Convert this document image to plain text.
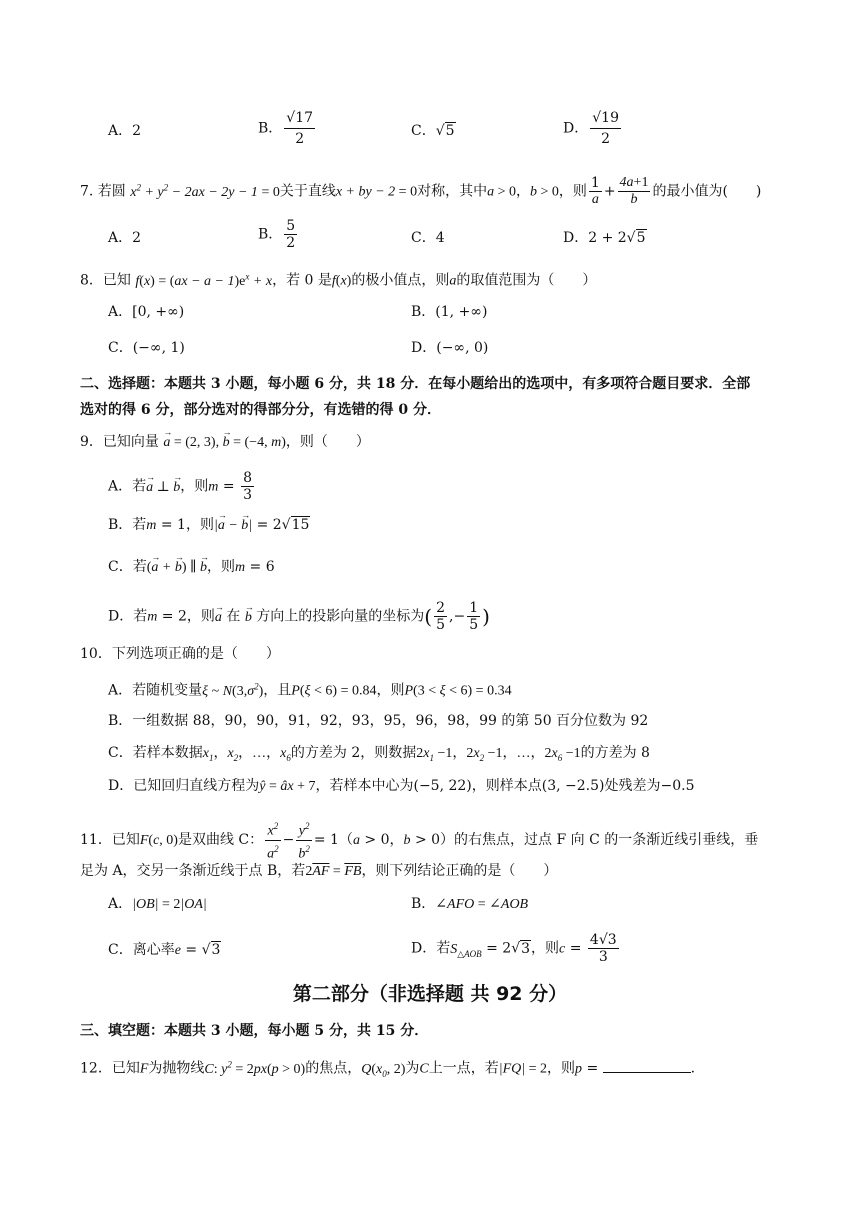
A．2	B． $\frac{√17}{2}$	C．√5	D． $\frac{√19}{2}$
7. 若圆 $x^2 + y^2 - 2ax - 2y - 1 = 0$关于直线x + by − 2 = 0对称，其中a > 0，b > 0，则 $\frac{1}{a} + \frac{4a+1}{b}$ 的最小值为(　　)
A．2	B． $\frac{5}{2}$	C．4	D．2 + 2√5
8．已知 $f(x) = (ax - a - 1)e^x + x$，若 0 是f(x)的极小值点，则a的取值范围为（　　）
A．[0, +∞)	B．(1, +∞)
C．(−∞, 1)	D．(−∞, 0)
二、选择题：本题共 3 小题，每小题 6 分，共 18 分．在每小题给出的选项中，有多项符合题目要求．全部
选对的得 6 分，部分选对的得部分分，有选错的得 0 分．
9．已知向量 → a = (2, 3), → b = (−4, m)，则（　　）
A．若→ a ⊥ → b，则$m = \frac{8}{3}$
B．若m = 1，则|→ a − → b| = 2√15
C．若(→ a + → b) ∥ → b，则m = 6
D．若m = 2，则→ a 在 → b 方向上的投影向量的坐标为( $\frac{2}{5}$ ,− $\frac{1}{5}$ )
10．下列选项正确的是（　　）
A．若随机变量ξ ~ $N(3,\sigma^2)$，且P(ξ < 6) = 0.84，则P(3 < ξ < 6) = 0.34
B．一组数据 88，90，90，91，92，93，95，96，98，99 的第 50 百分位数为 92
C．若样本数据$x_1$，$x_2$，…，$x_6$的方差为 2，则数据$2x_1 -1$，$2x_2 -1$，…，$2x_6 -1$的方差为 8
D．已知回归直线方程为ŷ = âx + 7，若样本中心为(−5, 22)，则样本点(3, −2.5)处残差为−0.5
11．已知F(c, 0)是双曲线 C： $\frac{x^2}{a^2} - \frac{y^2}{b^2} = 1(a > 0$，b > 0）的右焦点，过点 F 向 C 的一条渐近线引垂线，垂
足为 A，交另一条渐近线于点 B，若$2\overline{AF} = \overline{FB}$，则下列结论正确的是（　　）
A．|OB| = 2|OA|	B．∠AFO = ∠AOB
C．离心率e = √3	D．若$S_{\triangle AOB} = 2√3$，则$c = \frac{4√3}{3}$
第二部分（非选择题 共 92 分）
三、填空题：本题共 3 小题，每小题 5 分，共 15 分．
12．已知F为抛物线C: $y^2 = 2px(p > 0)$的焦点，$Q(x_0$, 2)为C上一点，若|FQ| = 2，则p =	.
